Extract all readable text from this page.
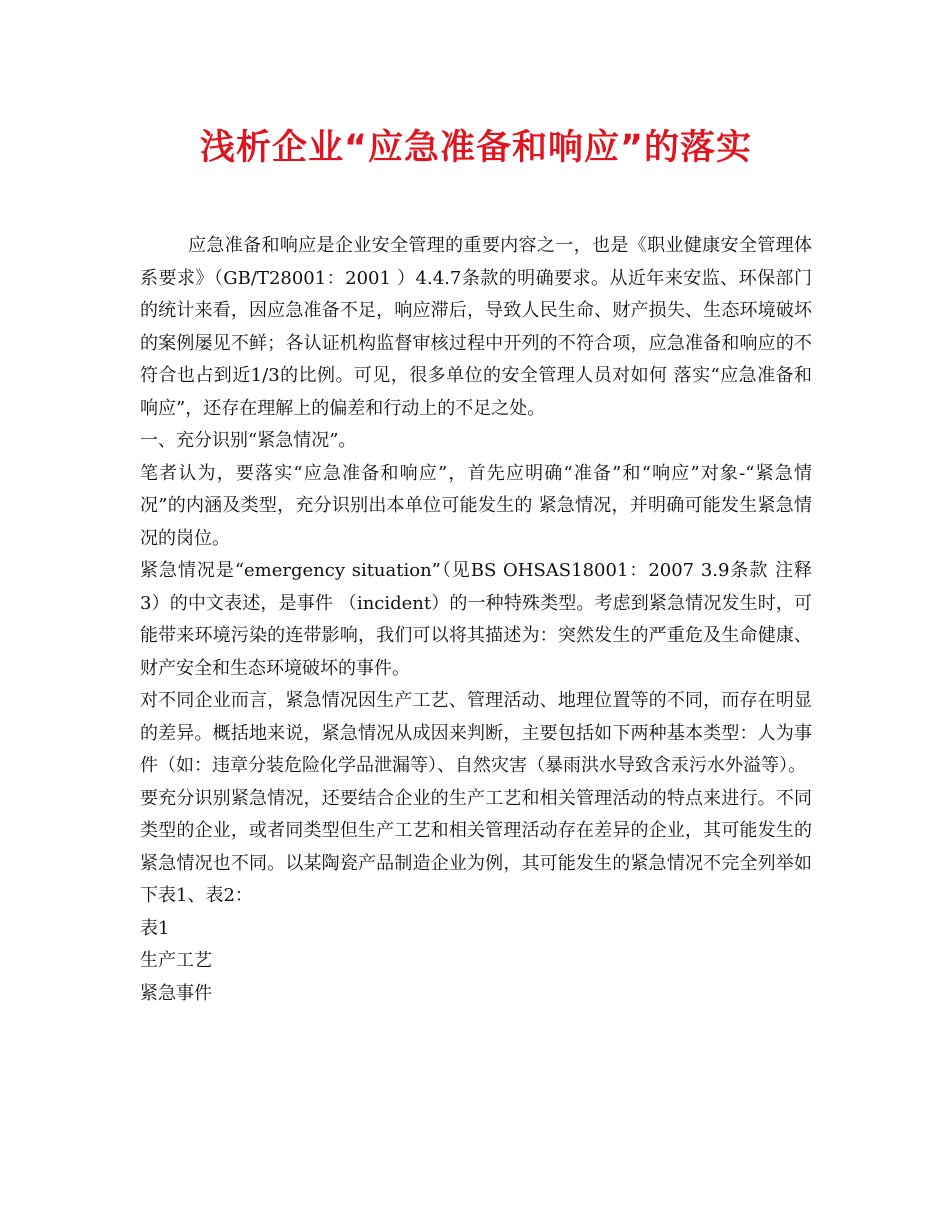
浅析企业“应急准备和响应”的落实

应急准备和响应是企业安全管理的重要内容之一，也是《职业健康安全管理体系要求》（GB/T28001：2001 ）4.4.7条款的明确要求。从近年来安监、环保部门的统计来看，因应急准备不足，响应滞后，导致人民生命、财产损失、生态环境破坏的案例屡见不鲜；各认证机构监督审核过程中开列的不符合项，应急准备和响应的不符合也占到近1/3的比例。可见，很多单位的安全管理人员对如何 落实“应急准备和响应”，还存在理解上的偏差和行动上的不足之处。

一、充分识别“紧急情况”。

笔者认为，要落实“应急准备和响应”，首先应明确“准备”和“响应”对象-“紧急情况”的内涵及类型，充分识别出本单位可能发生的 紧急情况，并明确可能发生紧急情况的岗位。

紧急情况是“emergency situation”（见BS OHSAS18001：2007 3.9条款 注释3）的中文表述，是事件 （incident）的一种特殊类型。考虑到紧急情况发生时，可能带来环境污染的连带影响，我们可以将其描述为：突然发生的严重危及生命健康、财产安全和生态环境破坏的事件。

对不同企业而言，紧急情况因生产工艺、管理活动、地理位置等的不同，而存在明显的差异。概括地来说，紧急情况从成因来判断，主要包括如下两种基本类型：人为事件（如：违章分装危险化学品泄漏等）、自然灾害（暴雨洪水导致含汞污水外溢等）。

要充分识别紧急情况，还要结合企业的生产工艺和相关管理活动的特点来进行。不同类型的企业，或者同类型但生产工艺和相关管理活动存在差异的企业，其可能发生的紧急情况也不同。以某陶瓷产品制造企业为例，其可能发生的紧急情况不完全列举如下表1、表2：

表1

生产工艺

紧急事件
